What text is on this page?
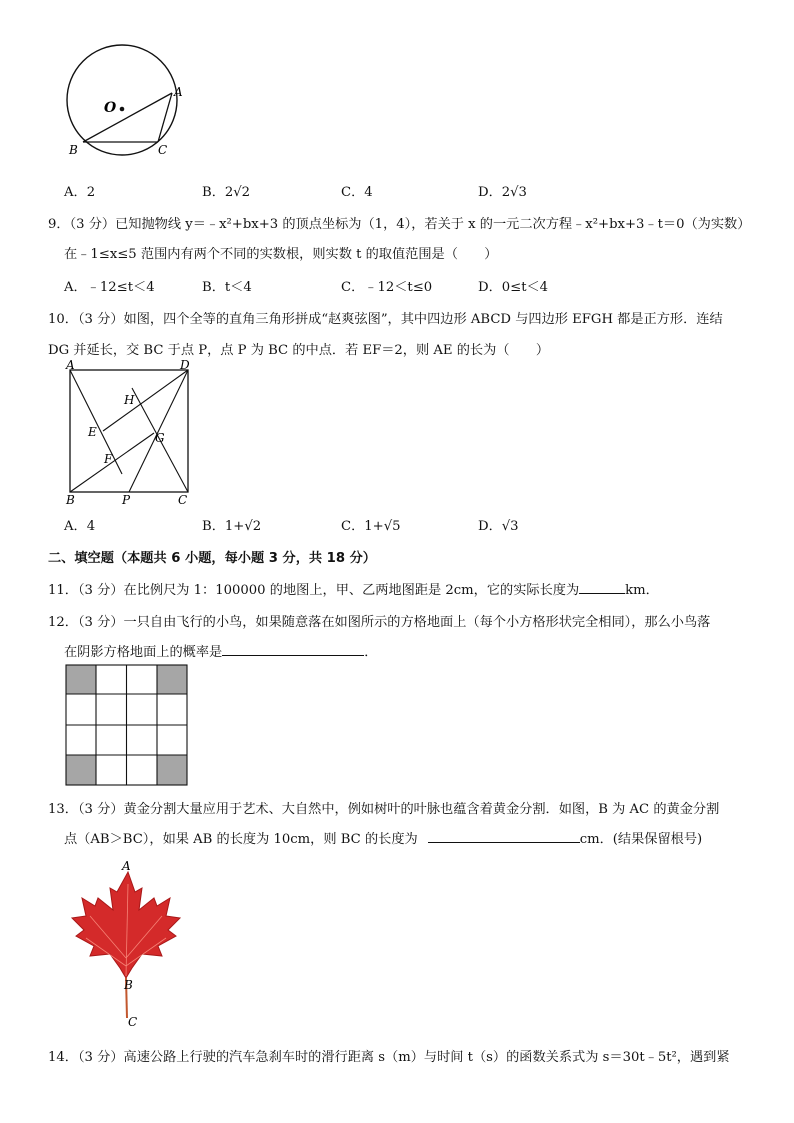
O
A
B	C
A．2	B．2√2	C．4	D．2√3
9．（3 分）已知抛物线 y＝﹣x²+bx+3 的顶点坐标为（1，4），若关于 x 的一元二次方程﹣x²+bx+3﹣t＝0（为实数）
在﹣1≤x≤5 范围内有两个不同的实数根，则实数 t 的取值范围是（　　）
A．﹣12≤t＜4	B．t＜4	C．﹣12＜t≤0	D．0≤t＜4
10．（3 分）如图，四个全等的直角三角形拼成“赵爽弦图”，其中四边形 ABCD 与四边形 EFGH 都是正方形．连结
DG 并延长，交 BC 于点 P，点 P 为 BC 的中点．若 EF＝2，则 AE 的长为（　　）
A	D
B	C
P
H
E	G
F
A．4	B．1+√2	C．1+√5	D．√3
二、填空题（本题共 6 小题，每小题 3 分，共 18 分）
11．（3 分）在比例尺为 1：100000 的地图上，甲、乙两地图距是 2cm，它的实际长度为	km．
12．（3 分）一只自由飞行的小鸟，如果随意落在如图所示的方格地面上（每个小方格形状完全相同），那么小鸟落
在阴影方格地面上的概率是	．
13．（3 分）黄金分割大量应用于艺术、大自然中，例如树叶的叶脉也蕴含着黄金分割．如图，B 为 AC 的黄金分割
点（AB＞BC），如果 AB 的长度为 10cm，则 BC 的长度为	cm．(结果保留根号)
A
B
C
14．（3 分）高速公路上行驶的汽车急刹车时的滑行距离 s（m）与时间 t（s）的函数关系式为 s＝30t﹣5t²，遇到紧
